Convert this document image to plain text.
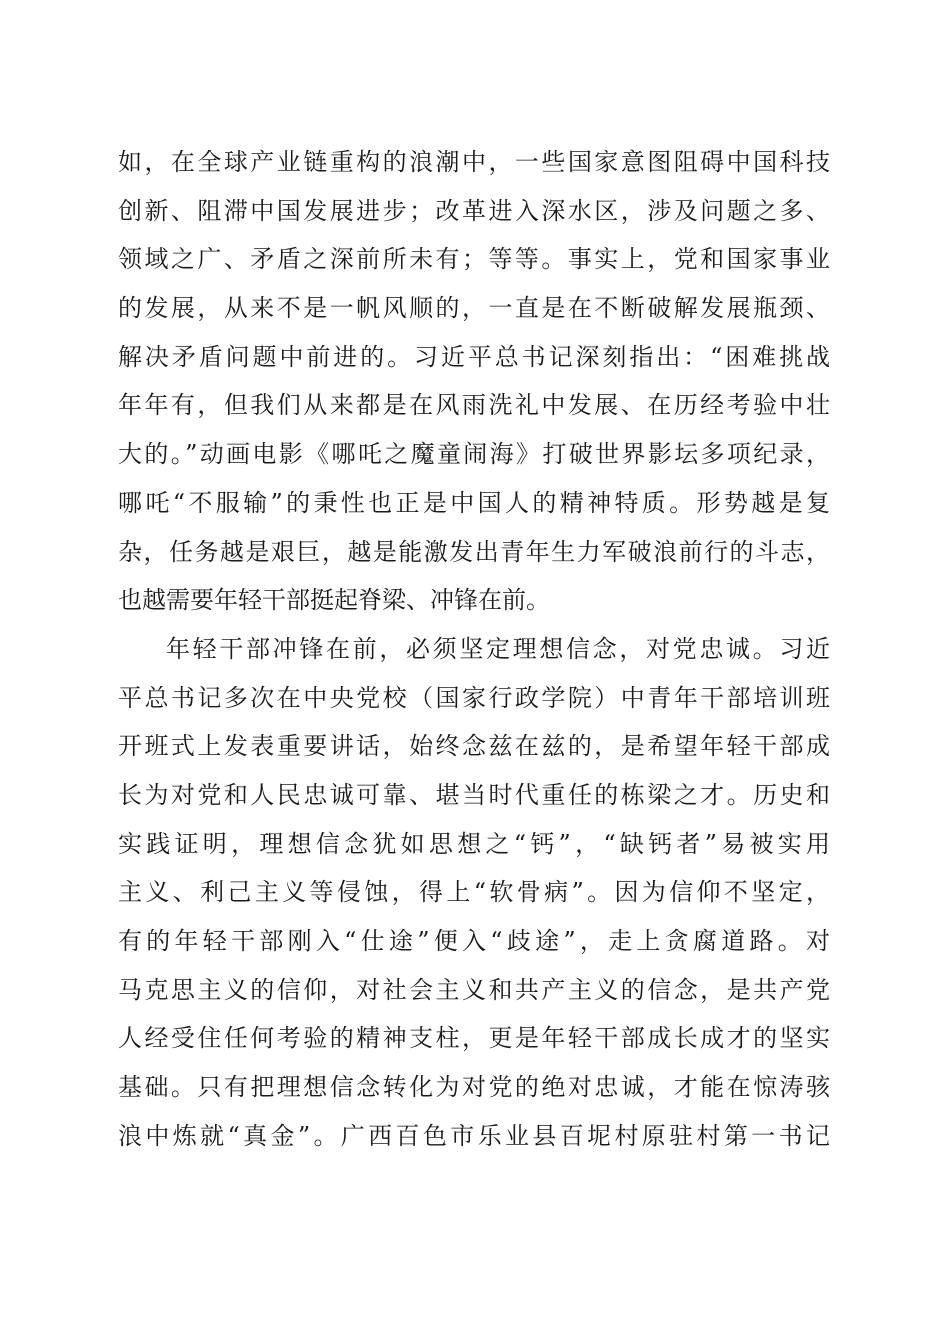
如，在全球产业链重构的浪潮中，一些国家意图阻碍中国科技
创新、阻滞中国发展进步；改革进入深水区，涉及问题之多、
领域之广、矛盾之深前所未有；等等。事实上，党和国家事业
的发展，从来不是一帆风顺的，一直是在不断破解发展瓶颈、
解决矛盾问题中前进的。习近平总书记深刻指出：“困难挑战
年年有，但我们从来都是在风雨洗礼中发展、在历经考验中壮
大的。”动画电影《哪吒之魔童闹海》打破世界影坛多项纪录，
哪吒“不服输”的秉性也正是中国人的精神特质。形势越是复
杂，任务越是艰巨，越是能激发出青年生力军破浪前行的斗志，
也越需要年轻干部挺起脊梁、冲锋在前。
年轻干部冲锋在前，必须坚定理想信念，对党忠诚。习近
平总书记多次在中央党校（国家行政学院）中青年干部培训班
开班式上发表重要讲话，始终念兹在兹的，是希望年轻干部成
长为对党和人民忠诚可靠、堪当时代重任的栋梁之才。历史和
实践证明，理想信念犹如思想之“钙”，“缺钙者”易被实用
主义、利己主义等侵蚀，得上“软骨病”。因为信仰不坚定，
有的年轻干部刚入“仕途”便入“歧途”，走上贪腐道路。对
马克思主义的信仰，对社会主义和共产主义的信念，是共产党
人经受住任何考验的精神支柱，更是年轻干部成长成才的坚实
基础。只有把理想信念转化为对党的绝对忠诚，才能在惊涛骇
浪中炼就“真金”。广西百色市乐业县百坭村原驻村第一书记
